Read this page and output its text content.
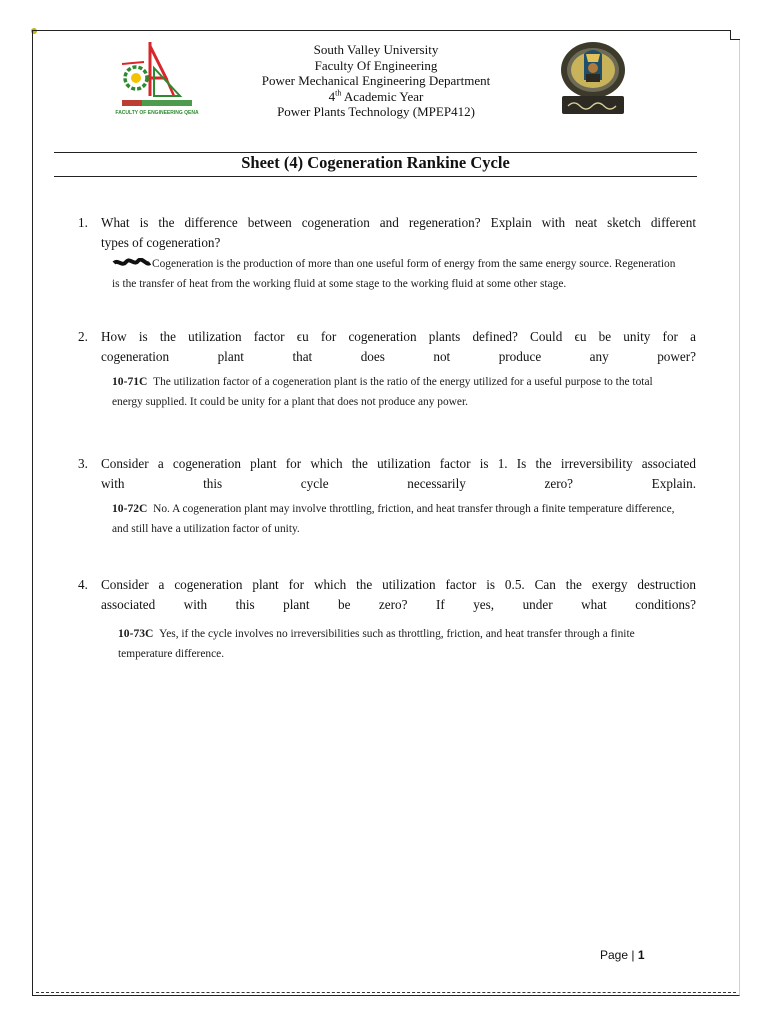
FACULTY OF ENGINEERING QENA
South Valley University
Faculty Of Engineering
Power Mechanical Engineering Department
4th Academic Year
Power Plants Technology (MPEP412)
Sheet (4) Cogeneration Rankine Cycle
1. What is the difference between cogeneration and regeneration? Explain with neat sketch different
types of cogeneration?
Cogeneration is the production of more than one useful form of energy from the same energy source. Regeneration
is the transfer of heat from the working fluid at some stage to the working fluid at some other stage.
2. How is the utilization factor ϵu for cogeneration plants defined? Could ϵu be unity for a
cogeneration plant that does not produce any power?
10-71C The utilization factor of a cogeneration plant is the ratio of the energy utilized for a useful purpose to the total
energy supplied. It could be unity for a plant that does not produce any power.
3. Consider a cogeneration plant for which the utilization factor is 1. Is the irreversibility associated
with this cycle necessarily zero? Explain.
10-72C No. A cogeneration plant may involve throttling, friction, and heat transfer through a finite temperature difference,
and still have a utilization factor of unity.
4. Consider a cogeneration plant for which the utilization factor is 0.5. Can the exergy destruction
associated with this plant be zero? If yes, under what conditions?
10-73C Yes, if the cycle involves no irreversibilities such as throttling, friction, and heat transfer through a finite
temperature difference.
Page | 1
